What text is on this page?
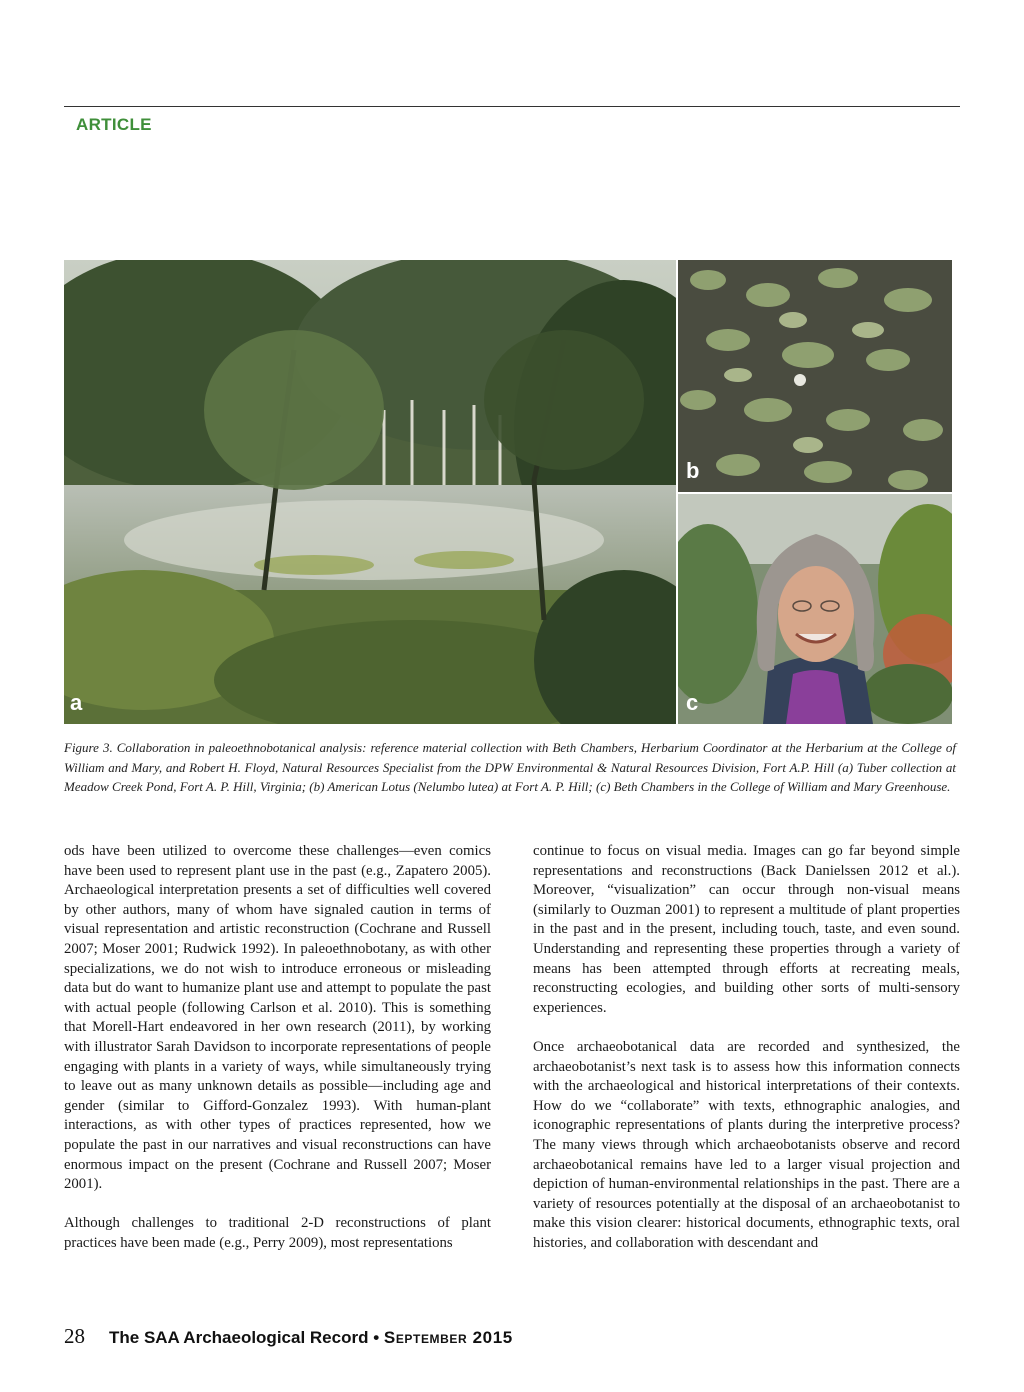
ARTICLE
a
b
c
Figure 3. Collaboration in paleoethnobotanical analysis: reference material collection with Beth Chambers, Herbarium Coordinator at the Herbarium at the College of William and Mary, and Robert H. Floyd, Natural Resources Specialist from the DPW Environmental & Natural Resources Division, Fort A.P. Hill (a) Tuber collection at Meadow Creek Pond, Fort A. P. Hill, Virginia; (b) American Lotus (Nelumbo lutea) at Fort A. P. Hill; (c) Beth Chambers in the College of William and Mary Greenhouse.

ods have been utilized to overcome these challenges—even comics have been used to represent plant use in the past (e.g., Zapatero 2005). Archaeological interpretation presents a set of difficulties well covered by other authors, many of whom have signaled caution in terms of visual representation and artistic reconstruction (Cochrane and Russell 2007; Moser 2001; Rudwick 1992). In paleoethnobotany, as with other specializations, we do not wish to introduce erroneous or misleading data but do want to humanize plant use and attempt to populate the past with actual people (following Carlson et al. 2010). This is something that Morell-Hart endeavored in her own research (2011), by working with illustrator Sarah Davidson to incorporate representations of people engaging with plants in a variety of ways, while simultaneously trying to leave out as many unknown details as possible—including age and gender (similar to Gifford-Gonzalez 1993). With human-plant interactions, as with other types of practices represented, how we populate the past in our narratives and visual reconstructions can have enormous impact on the present (Cochrane and Russell 2007; Moser 2001).

Although challenges to traditional 2-D reconstructions of plant practices have been made (e.g., Perry 2009), most representations

continue to focus on visual media. Images can go far beyond simple representations and reconstructions (Back Danielssen 2012 et al.). Moreover, “visualization” can occur through non-visual means (similarly to Ouzman 2001) to represent a multitude of plant properties in the past and in the present, including touch, taste, and even sound. Understanding and representing these properties through a variety of means has been attempted through efforts at recreating meals, reconstructing ecologies, and building other sorts of multi-sensory experiences.

Once archaeobotanical data are recorded and synthesized, the archaeobotanist’s next task is to assess how this information connects with the archaeological and historical interpretations of their contexts. How do we “collaborate” with texts, ethnographic analogies, and iconographic representations of plants during the interpretive process? The many views through which archaeobotanists observe and record archaeobotanical remains have led to a larger visual projection and depiction of human-environmental relationships in the past. There are a variety of resources potentially at the disposal of an archaeobotanist to make this vision clearer: historical documents, ethnographic texts, oral histories, and collaboration with descendant and

28 The SAA Archaeological Record • September 2015
